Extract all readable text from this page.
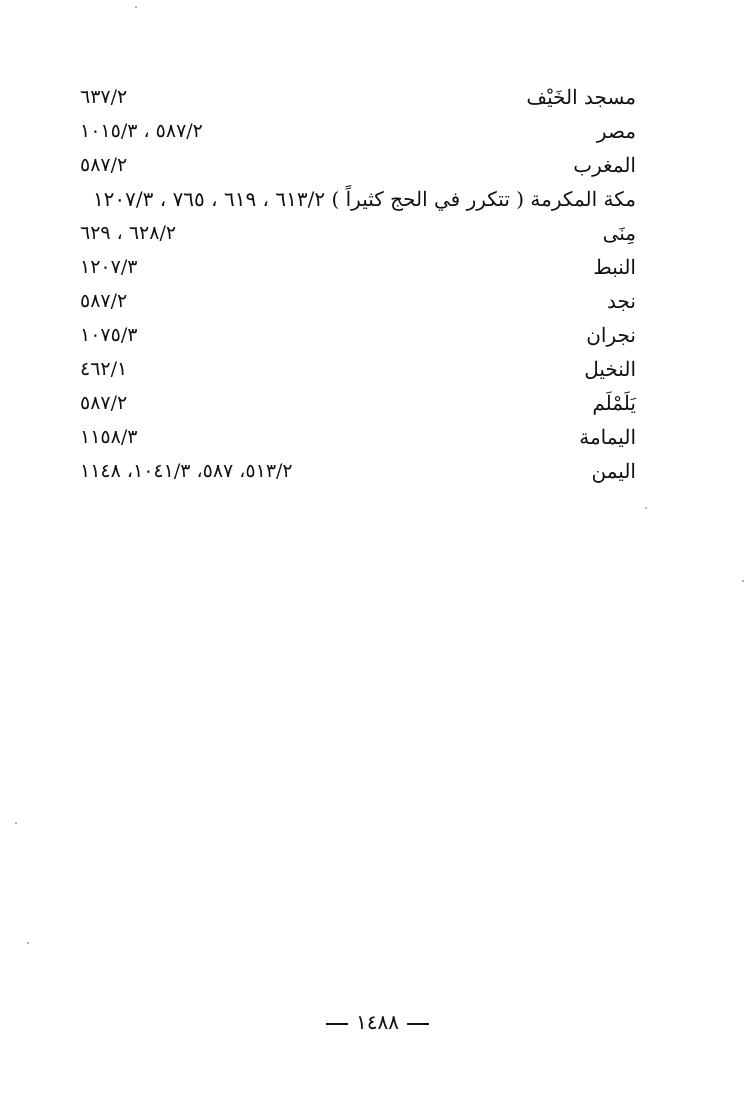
مسجد الخَيْف
٦٣٧/٢
مصر
٥٨٧/٢ ، ١٠١٥/٣
المغرب
٥٨٧/٢
مكة المكرمة ( تتكرر في الحج كثيراً ) ٦١٣/٢ ، ٦١٩ ، ٧٦٥ ، ١٢٠٧/٣
مِنَى
٦٢٨/٢ ، ٦٢٩
النبط
١٢٠٧/٣
نجد
٥٨٧/٢
نجران
١٠٧٥/٣
النخيل
٤٦٢/١
يَلَمْلَم
٥٨٧/٢
اليمامة
١١٥٨/٣
اليمن
٥١٣/٢، ٥٨٧، ١٠٤١/٣، ١١٤٨
١٤٨٨
